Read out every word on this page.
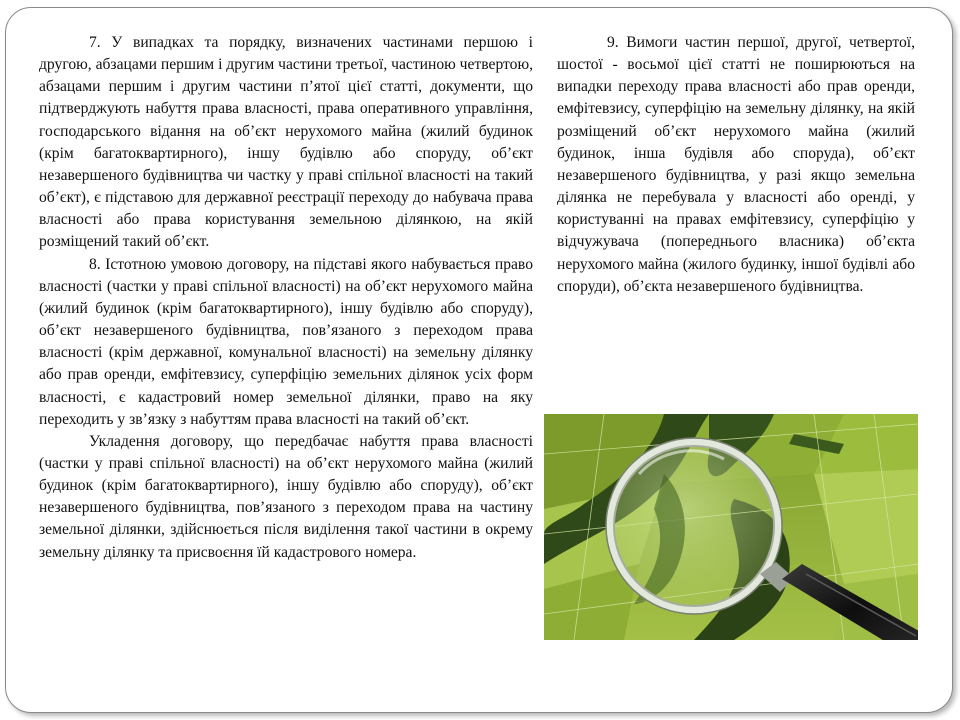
7. У випадках та порядку, визначених частинами першою і другою, абзацами першим і другим частини третьої, частиною четвертою, абзацами першим і другим частини п’ятої цієї статті, документи, що підтверджують набуття права власності, права оперативного управління, господарського відання на об’єкт нерухомого майна (жилий будинок (крім багатоквартирного), іншу будівлю або споруду, об’єкт незавершеного будівництва чи частку у праві спільної власності на такий об’єкт), є підставою для державної реєстрації переходу до набувача права власності або права користування земельною ділянкою, на якій розміщений такий об’єкт.

8. Істотною умовою договору, на підставі якого набувається право власності (частки у праві спільної власності) на об’єкт нерухомого майна (жилий будинок (крім багатоквартирного), іншу будівлю або споруду), об’єкт незавершеного будівництва, пов’язаного з переходом права власності (крім державної, комунальної власності) на земельну ділянку або прав оренди, емфітевзису, суперфіцію земельних ділянок усіх форм власності, є кадастровий номер земельної ділянки, право на яку переходить у зв’язку з набуттям права власності на такий об’єкт.

Укладення договору, що передбачає набуття права власності (частки у праві спільної власності) на об’єкт нерухомого майна (жилий будинок (крім багатоквартирного), іншу будівлю або споруду), об’єкт незавершеного будівництва, пов’язаного з переходом права на частину земельної ділянки, здійснюється після виділення такої частини в окрему земельну ділянку та присвоєння їй кадастрового номера.

9. Вимоги частин першої, другої, четвертої, шостої - восьмої цієї статті не поширюються на випадки переходу права власності або прав оренди, емфітевзису, суперфіцію на земельну ділянку, на якій розміщений об’єкт нерухомого майна (жилий будинок, інша будівля або споруда), об’єкт незавершеного будівництва, у разі якщо земельна ділянка не перебувала у власності або оренді, у користуванні на правах емфітевзису, суперфіцію у відчужувача (попереднього власника) об’єкта нерухомого майна (жилого будинку, іншої будівлі або споруди), об’єкта незавершеного будівництва.
